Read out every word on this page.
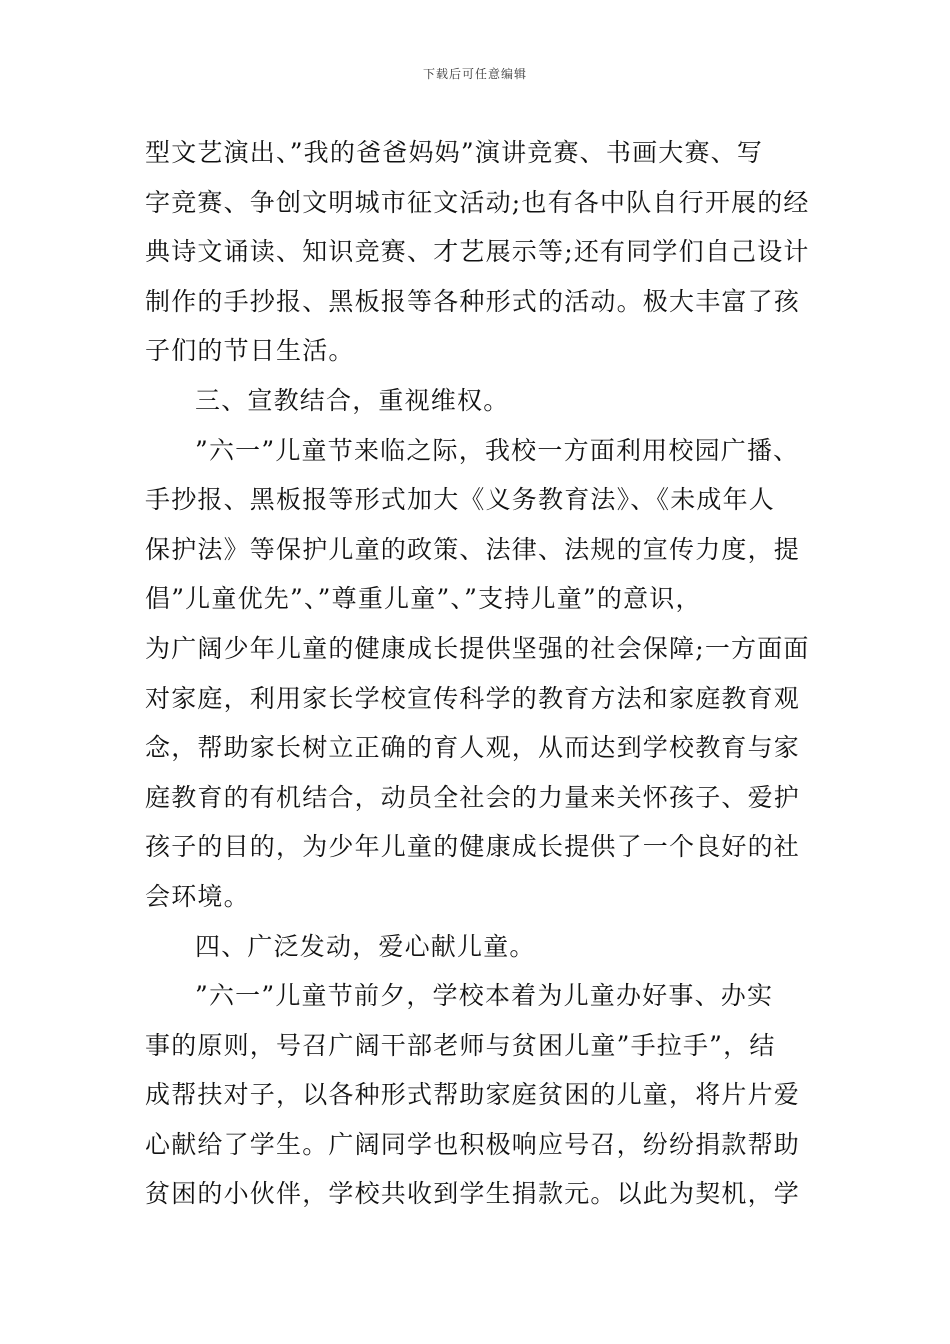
下载后可任意编辑
型文艺演出、”我的爸爸妈妈”演讲竞赛、书画大赛、写
字竞赛、争创文明城市征文活动;也有各中队自行开展的经
典诗文诵读、知识竞赛、才艺展示等;还有同学们自己设计
制作的手抄报、黑板报等各种形式的活动。极大丰富了孩
子们的节日生活。
三、宣教结合，重视维权。
”六一”儿童节来临之际，我校一方面利用校园广播、
手抄报、黑板报等形式加大《义务教育法》、《未成年人
保护法》等保护儿童的政策、法律、法规的宣传力度，提
倡”儿童优先”、”尊重儿童”、”支持儿童”的意识，
为广阔少年儿童的健康成长提供坚强的社会保障;一方面面
对家庭，利用家长学校宣传科学的教育方法和家庭教育观
念，帮助家长树立正确的育人观，从而达到学校教育与家
庭教育的有机结合，动员全社会的力量来关怀孩子、爱护
孩子的目的，为少年儿童的健康成长提供了一个良好的社
会环境。
四、广泛发动，爱心献儿童。
”六一”儿童节前夕，学校本着为儿童办好事、办实
事的原则，号召广阔干部老师与贫困儿童”手拉手”，结
成帮扶对子，以各种形式帮助家庭贫困的儿童，将片片爱
心献给了学生。广阔同学也积极响应号召，纷纷捐款帮助
贫困的小伙伴，学校共收到学生捐款元。以此为契机，学
